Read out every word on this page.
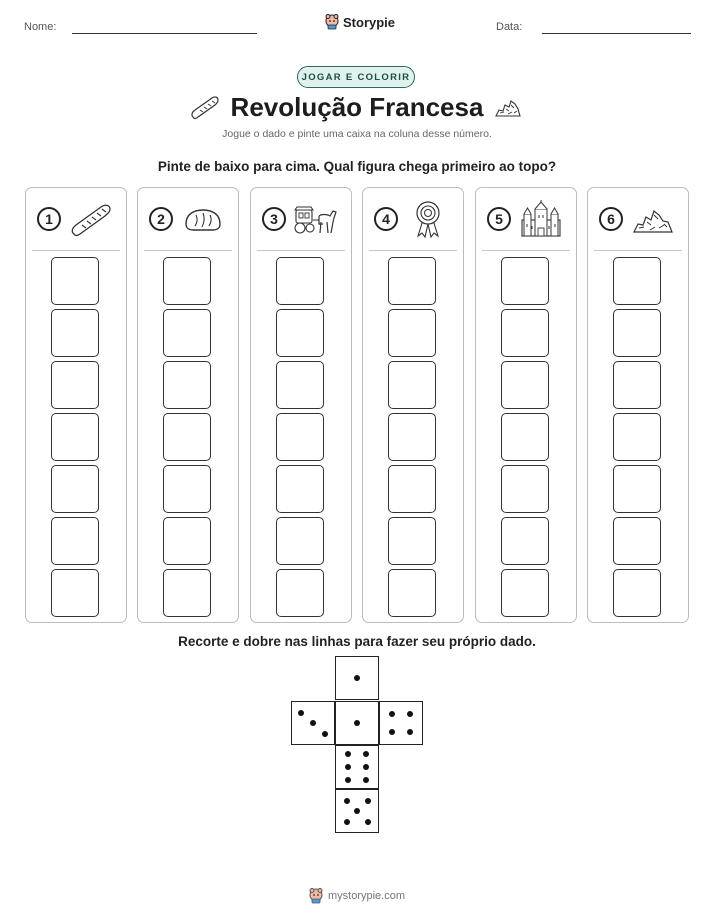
Nome:	Storypie	Data:
JOGAR E COLORIR
Revolução Francesa
Jogue o dado e pinte uma caixa na coluna desse número.
Pinte de baixo para cima. Qual figura chega primeiro ao topo?
1	2	3	4	5	6
Recorte e dobre nas linhas para fazer seu próprio dado.
mystorypie.com
